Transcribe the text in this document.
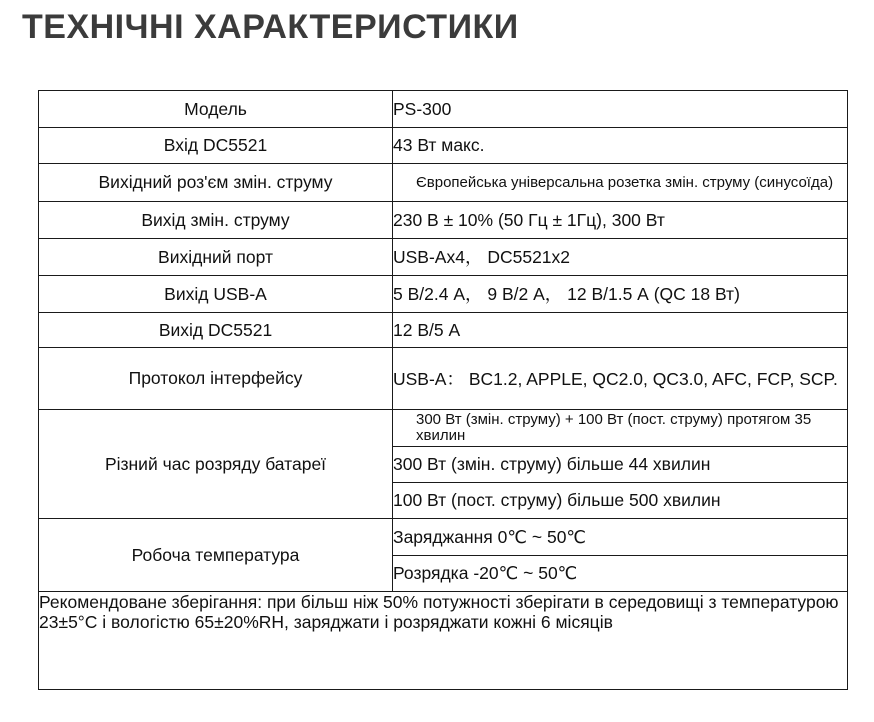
ТЕХНІЧНІ ХАРАКТЕРИСТИКИ
Модель	PS-300
Вхід DC5521	43 Вт макс.
Вихідний роз'єм змін. струму	Європейська універсальна розетка змін. струму (синусоїда)
Вихід змін. струму	230 В ± 10% (50 Гц ± 1Гц), 300 Вт
Вихідний порт	USB-Ax4， DC5521x2
Вихід USB-A	5 В/2.4 А， 9 В/2 А， 12 В/1.5 А (QC 18 Вт)
Вихід DC5521	12 В/5 А
Протокол інтерфейсу	USB-A： BC1.2, APPLE, QC2.0, QC3.0, AFC, FCP, SCP.
Різний час розряду батареї	300 Вт (змін. струму) + 100 Вт (пост. струму) протягом 35 хвилин
	300 Вт (змін. струму) більше 44 хвилин
	100 Вт (пост. струму) більше 500 хвилин
Робоча температура	Заряджання 0℃ ~ 50℃
	Розрядка -20℃ ~ 50℃
Рекомендоване зберігання: при більш ніж 50% потужності зберігати в середовищі з температурою 23±5°C і вологістю 65±20%RH, заряджати і розряджати кожні 6 місяців	
